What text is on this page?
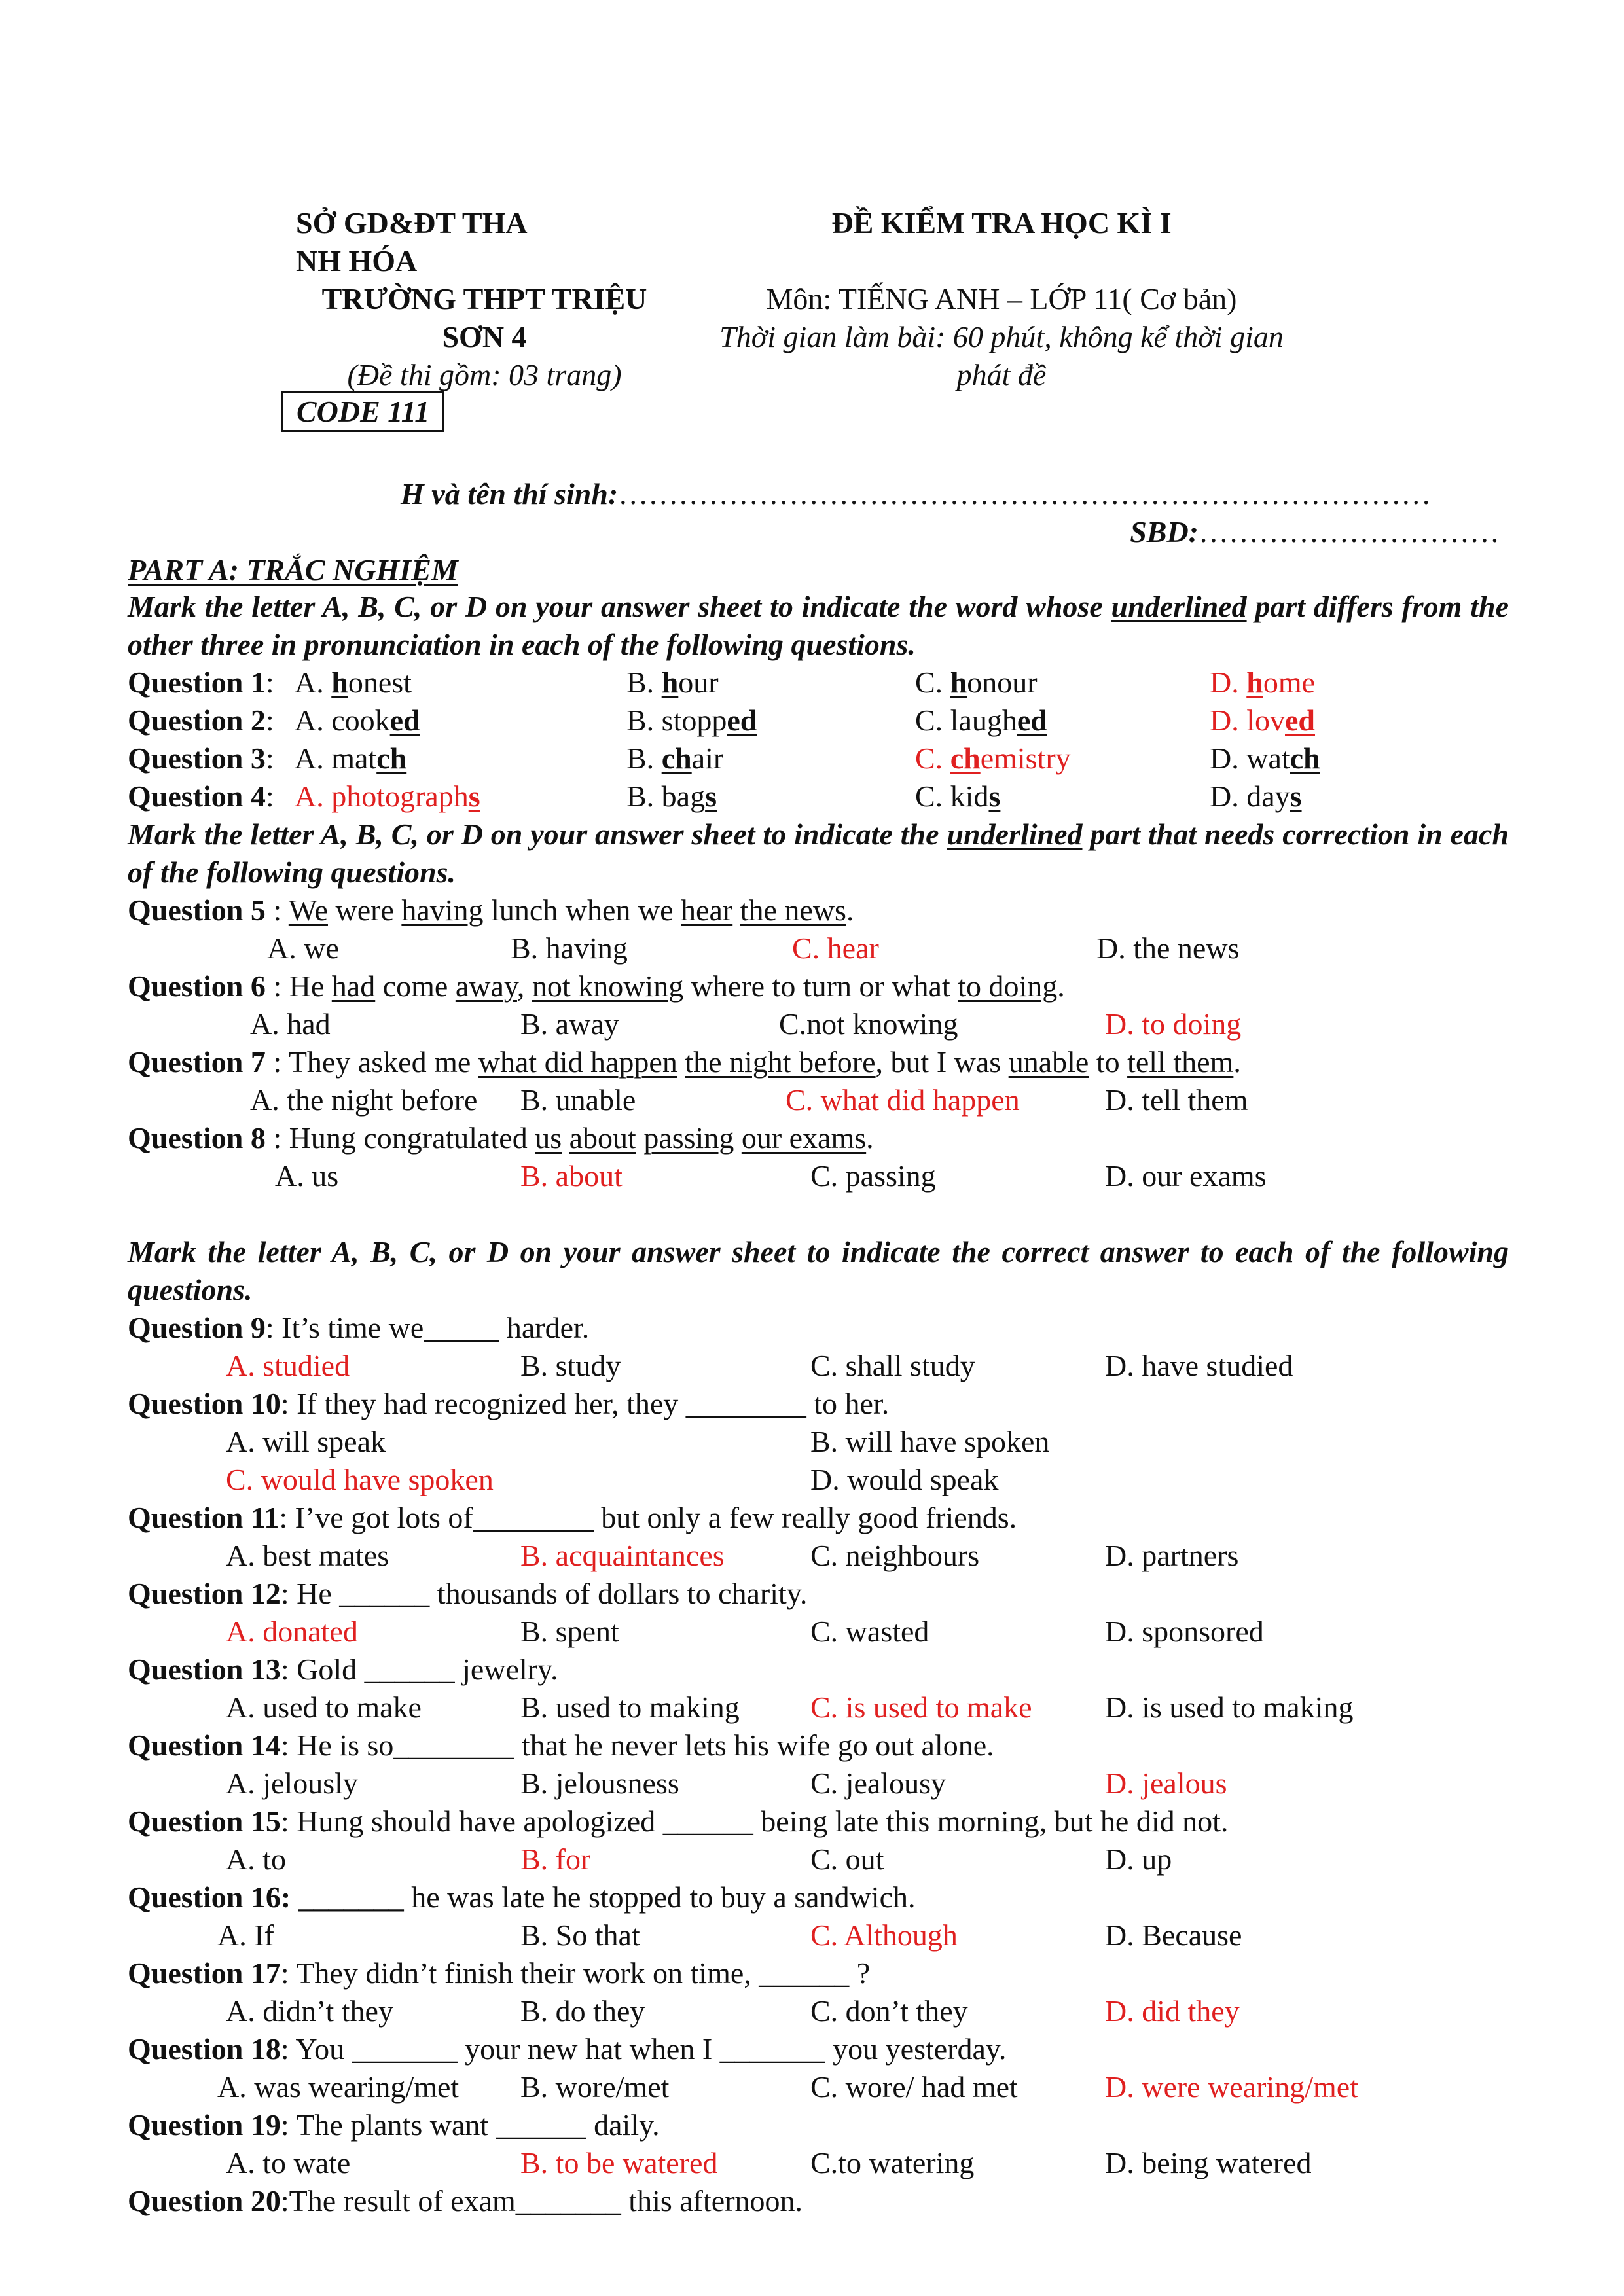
SỞ GD&ĐT THA
NH HÓA
TRƯỜNG THPT TRIỆU
SƠN 4
(Đề thi gồm: 03 trang)
CODE 111
ĐỀ KIỂM TRA HỌC KÌ I
Môn: TIẾNG ANH – LỚP 11( Cơ bản)
Thời gian làm bài: 60 phút, không kể thời gian
phát đề
H và tên thí sinh:………………………………………………………………………
SBD:…………………………
PART A: TRẮC NGHIỆM
Mark the letter A, B, C, or D on your answer sheet to indicate the word whose underlined part differs from the other three in pronunciation in each of the following questions.
Question 1: A. honest	B. hour	C. honour	D. home
Question 2: A. cooked	B. stopped	C. laughed	D. loved
Question 3: A. match	B. chair	C. chemistry	D. watch
Question 4: A. photographs	B. bags	C. kids	D. days
Mark the letter A, B, C, or D on your answer sheet to indicate the underlined part that needs correction in each of the following questions.
Question 5 : We were having lunch when we hear the news.
A. we	B. having	C. hear	D. the news
Question 6 : He had come away, not knowing where to turn or what to doing.
A. had	B. away	C.not knowing	D. to doing
Question 7 : They asked me what did happen the night before, but I was unable to tell them.
A. the night before B. unable	C. what did happen	D. tell them
Question 8 : Hung congratulated us about passing our exams.
A. us	B. about	C. passing	D. our exams
Mark the letter A, B, C, or D on your answer sheet to indicate the correct answer to each of the following questions.
Question 9: It’s time we_____ harder.
A. studied	B. study	C. shall study	D. have studied
Question 10: If they had recognized her, they ________ to her.
A. will speak	B. will have spoken
C. would have spoken	D. would speak
Question 11: I’ve got lots of________ but only a few really good friends.
A. best mates	B. acquaintances	C. neighbours	D. partners
Question 12: He ______ thousands of dollars to charity.
A. donated	B. spent	C. wasted	D. sponsored
Question 13: Gold ______ jewelry.
A. used to make	B. used to making C. is used to make D. is used to making
Question 14: He is so________ that he never lets his wife go out alone.
A. jelously	B. jelousness	C. jealousy	D. jealous
Question 15: Hung should have apologized ______ being late this morning, but he did not.
A. to	B. for	C. out	D. up
Question 16: _______ he was late he stopped to buy a sandwich.
A. If	B. So that	C. Although	D. Because
Question 17: They didn’t finish their work on time, ______ ?
A. didn’t they	B. do they	C. don’t they	D. did they
Question 18: You _______ your new hat when I _______ you yesterday.
A. was wearing/met B. wore/met	C. wore/ had met	D. were wearing/met
Question 19: The plants want ______ daily.
A. to wate	B. to be watered	C.to watering	D. being watered
Question 20:The result of exam_______ this afternoon.
